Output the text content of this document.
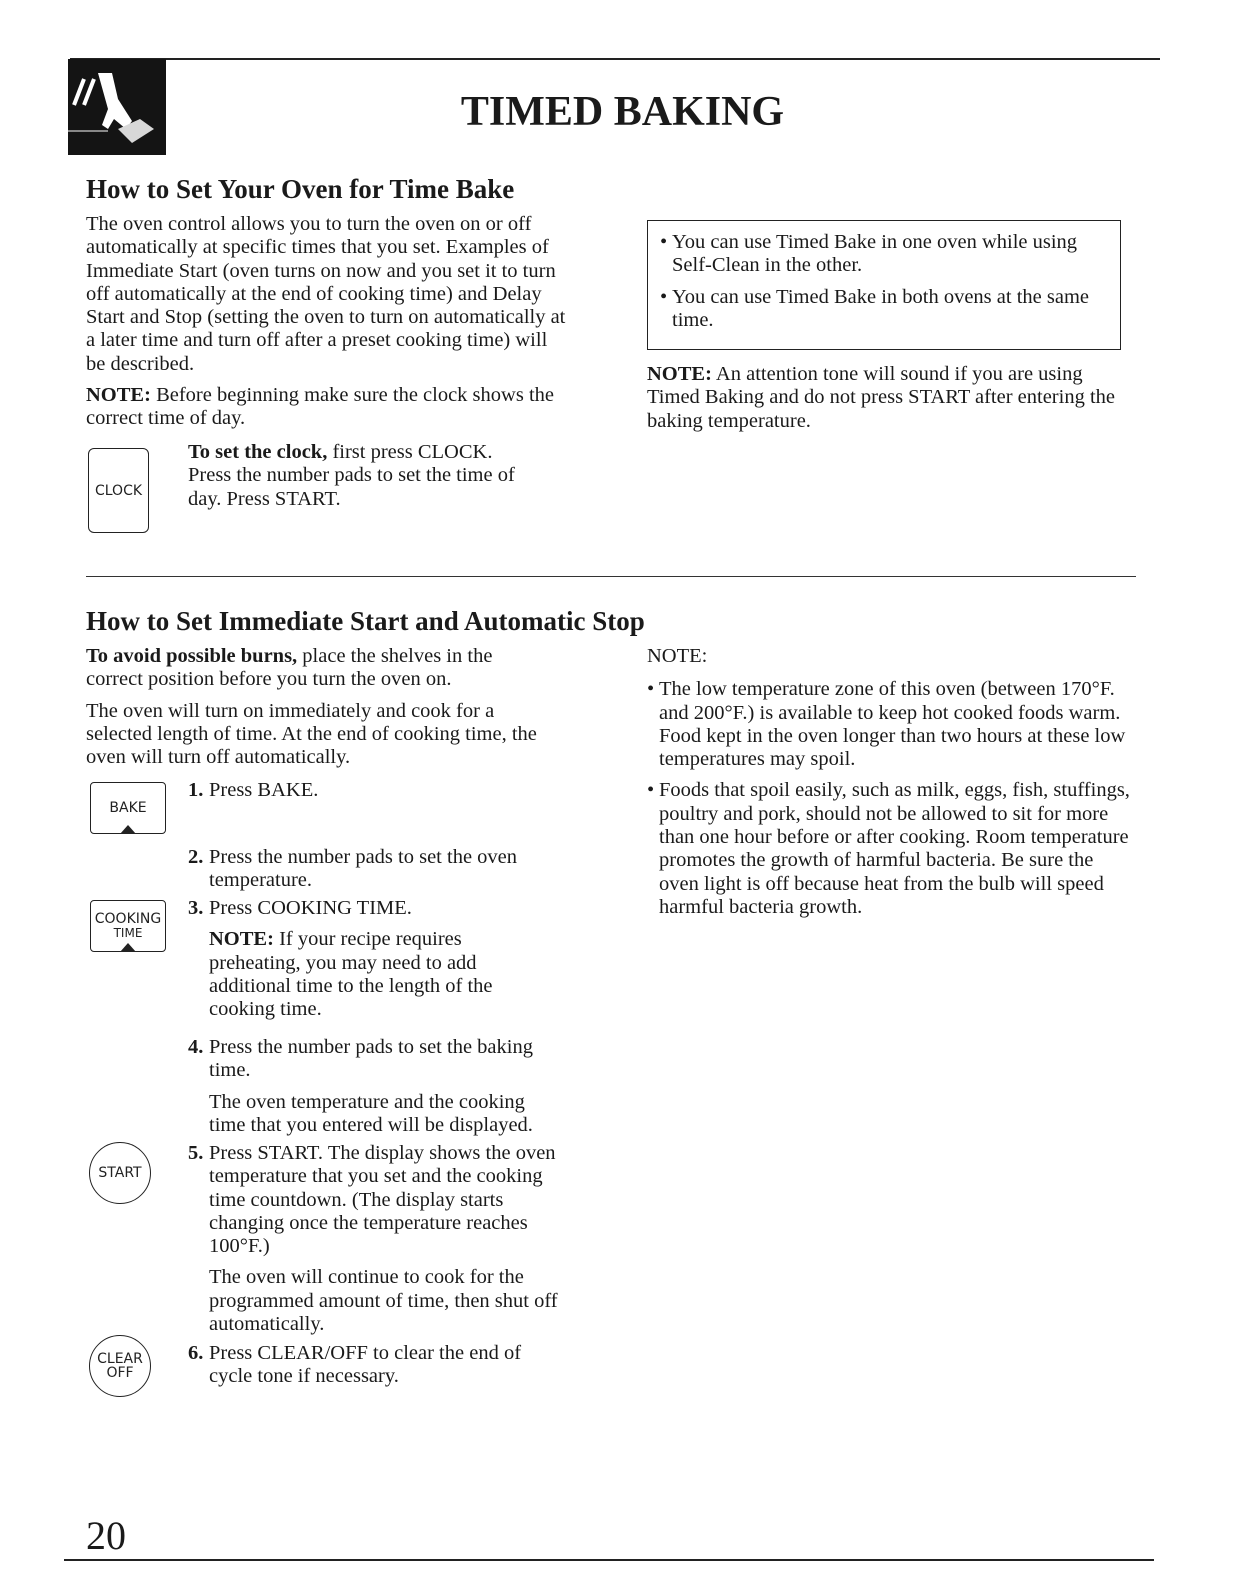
TIMED BAKING
How to Set Your Oven for Time Bake

The oven control allows you to turn the oven on or off automatically at specific times that you set. Examples of Immediate Start (oven turns on now and you set it to turn off automatically at the end of cooking time) and Delay Start and Stop (setting the oven to turn on automatically at a later time and turn off after a preset cooking time) will be described.

NOTE: Before beginning make sure the clock shows the correct time of day.

CLOCK

To set the clock, first press CLOCK. Press the number pads to set the time of day. Press START.

• You can use Timed Bake in one oven while using Self-Clean in the other.
• You can use Timed Bake in both ovens at the same time.

NOTE: An attention tone will sound if you are using Timed Baking and do not press START after entering the baking temperature.

How to Set Immediate Start and Automatic Stop

To avoid possible burns, place the shelves in the correct position before you turn the oven on.

The oven will turn on immediately and cook for a selected length of time. At the end of cooking time, the oven will turn off automatically.

BAKE
COOKING
TIME
START
CLEAR
OFF
1. Press BAKE.
2. Press the number pads to set the oven temperature.
3. Press COOKING TIME.

NOTE: If your recipe requires preheating, you may need to add additional time to the length of the cooking time.

4. Press the number pads to set the baking time.

The oven temperature and the cooking time that you entered will be displayed.

5. Press START. The display shows the oven temperature that you set and the cooking time countdown. (The display starts changing once the temperature reaches 100°F.)

The oven will continue to cook for the programmed amount of time, then shut off automatically.

6. Press CLEAR/OFF to clear the end of cycle tone if necessary.

NOTE:

• The low temperature zone of this oven (between 170°F. and 200°F.) is available to keep hot cooked foods warm. Food kept in the oven longer than two hours at these low temperatures may spoil.
• Foods that spoil easily, such as milk, eggs, fish, stuffings, poultry and pork, should not be allowed to sit for more than one hour before or after cooking. Room temperature promotes the growth of harmful bacteria. Be sure the oven light is off because heat from the bulb will speed harmful bacteria growth.
20
